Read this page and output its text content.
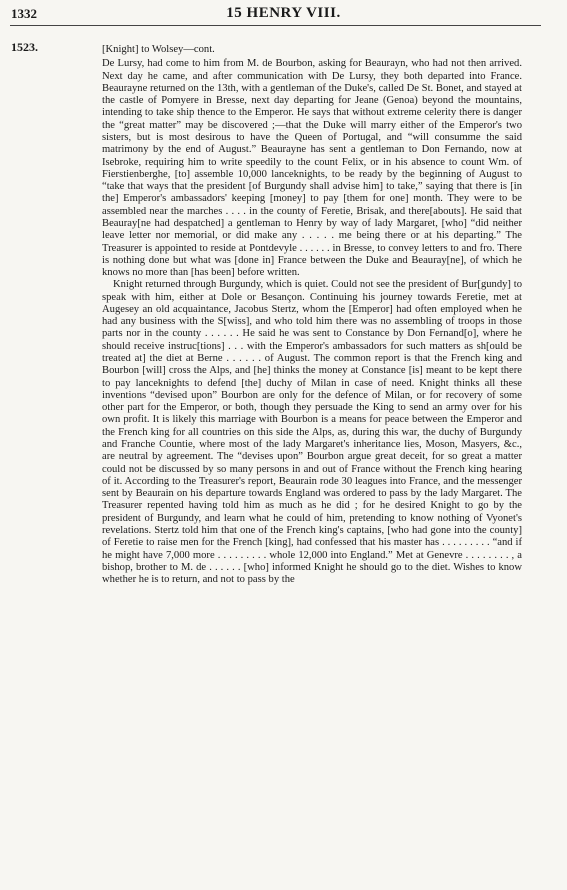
1332	15 HENRY VIII.
1523.	[Knight] to Wolsey—cont.

De Lursy, had come to him from M. de Bourbon, asking for Beaurayn, who had not then arrived. Next day he came, and after communication with De Lursy, they both departed into France. Beaurayne returned on the 13th, with a gentleman of the Duke's, called De St. Bonet, and stayed at the castle of Pomyere in Bresse, next day departing for Jeane (Genoa) beyond the mountains, intending to take ship thence to the Emperor. He says that without extreme celerity there is danger the “great matter” may be discovered ;—that the Duke will marry either of the Emperor's two sisters, but is most desirous to have the Queen of Portugal, and “will consumme the said matrimony by the end of August.” Beaurayne has sent a gentleman to Don Fernando, now at Isebroke, requiring him to write speedily to the count Felix, or in his absence to count Wm. of Fierstienberghe, [to] assemble 10,000 lanceknights, to be ready by the beginning of August to “take that ways that the president [of Burgundy shall advise him] to take,” saying that there is [in the] Emperor's ambassadors' keeping [money] to pay [them for one] month. They were to be assembled near the marches . . . . in the county of Feretie, Brisak, and there[abouts]. He said that Beauray[ne had despatched] a gentleman to Henry by way of lady Margaret, [who] “did neither leave letter nor memorial, or did make any . . . . . me being there or at his departing.” The Treasurer is appointed to reside at Pontdevyle . . . . . . in Bresse, to convey letters to and fro. There is nothing done but what was [done in] France between the Duke and Beauray[ne], of which he knows no more than [has been] before written.

Knight returned through Burgundy, which is quiet. Could not see the president of Bur[gundy] to speak with him, either at Dole or Besançon. Continuing his journey towards Feretie, met at Augesey an old acquaintance, Jacobus Stertz, whom the [Emperor] had often employed when he had any business with the S[wiss], and who told him there was no assembling of troops in those parts nor in the county . . . . . . He said he was sent to Constance by Don Fernand[o], where he should receive instruc[tions] . . . with the Emperor's ambassadors for such matters as sh[ould be treated at] the diet at Berne . . . . . . of August. The common report is that the French king and Bourbon [will] cross the Alps, and [he] thinks the money at Constance [is] meant to be kept there to pay lanceknights to defend [the] duchy of Milan in case of need. Knight thinks all these inventions “devised upon” Bourbon are only for the defence of Milan, or for recovery of some other part for the Emperor, or both, though they persuade the King to send an army over for his own profit. It is likely this marriage with Bourbon is a means for peace between the Emperor and the French king for all countries on this side the Alps, as, during this war, the duchy of Burgundy and Franche Countie, where most of the lady Margaret's inheritance lies, Moson, Masyers, &c., are neutral by agreement. The “devises upon” Bourbon argue great deceit, for so great a matter could not be discussed by so many persons in and out of France without the French king hearing of it. According to the Treasurer's report, Beaurain rode 30 leagues into France, and the messenger sent by Beaurain on his departure towards England was ordered to pass by the lady Margaret. The Treasurer repented having told him as much as he did ; for he desired Knight to go by the president of Burgundy, and learn what he could of him, pretending to know nothing of Vyonet's revelations. Stertz told him that one of the French king's captains, [who had gone into the county] of Feretie to raise men for the French [king], had confessed that his master has . . . . . . . . . “and if he might have 7,000 more . . . . . . . . . whole 12,000 into England.” Met at Genevre . . . . . . . . , a bishop, brother to M. de . . . . . . [who] informed Knight he should go to the diet. Wishes to know whether he is to return, and not to pass by the
